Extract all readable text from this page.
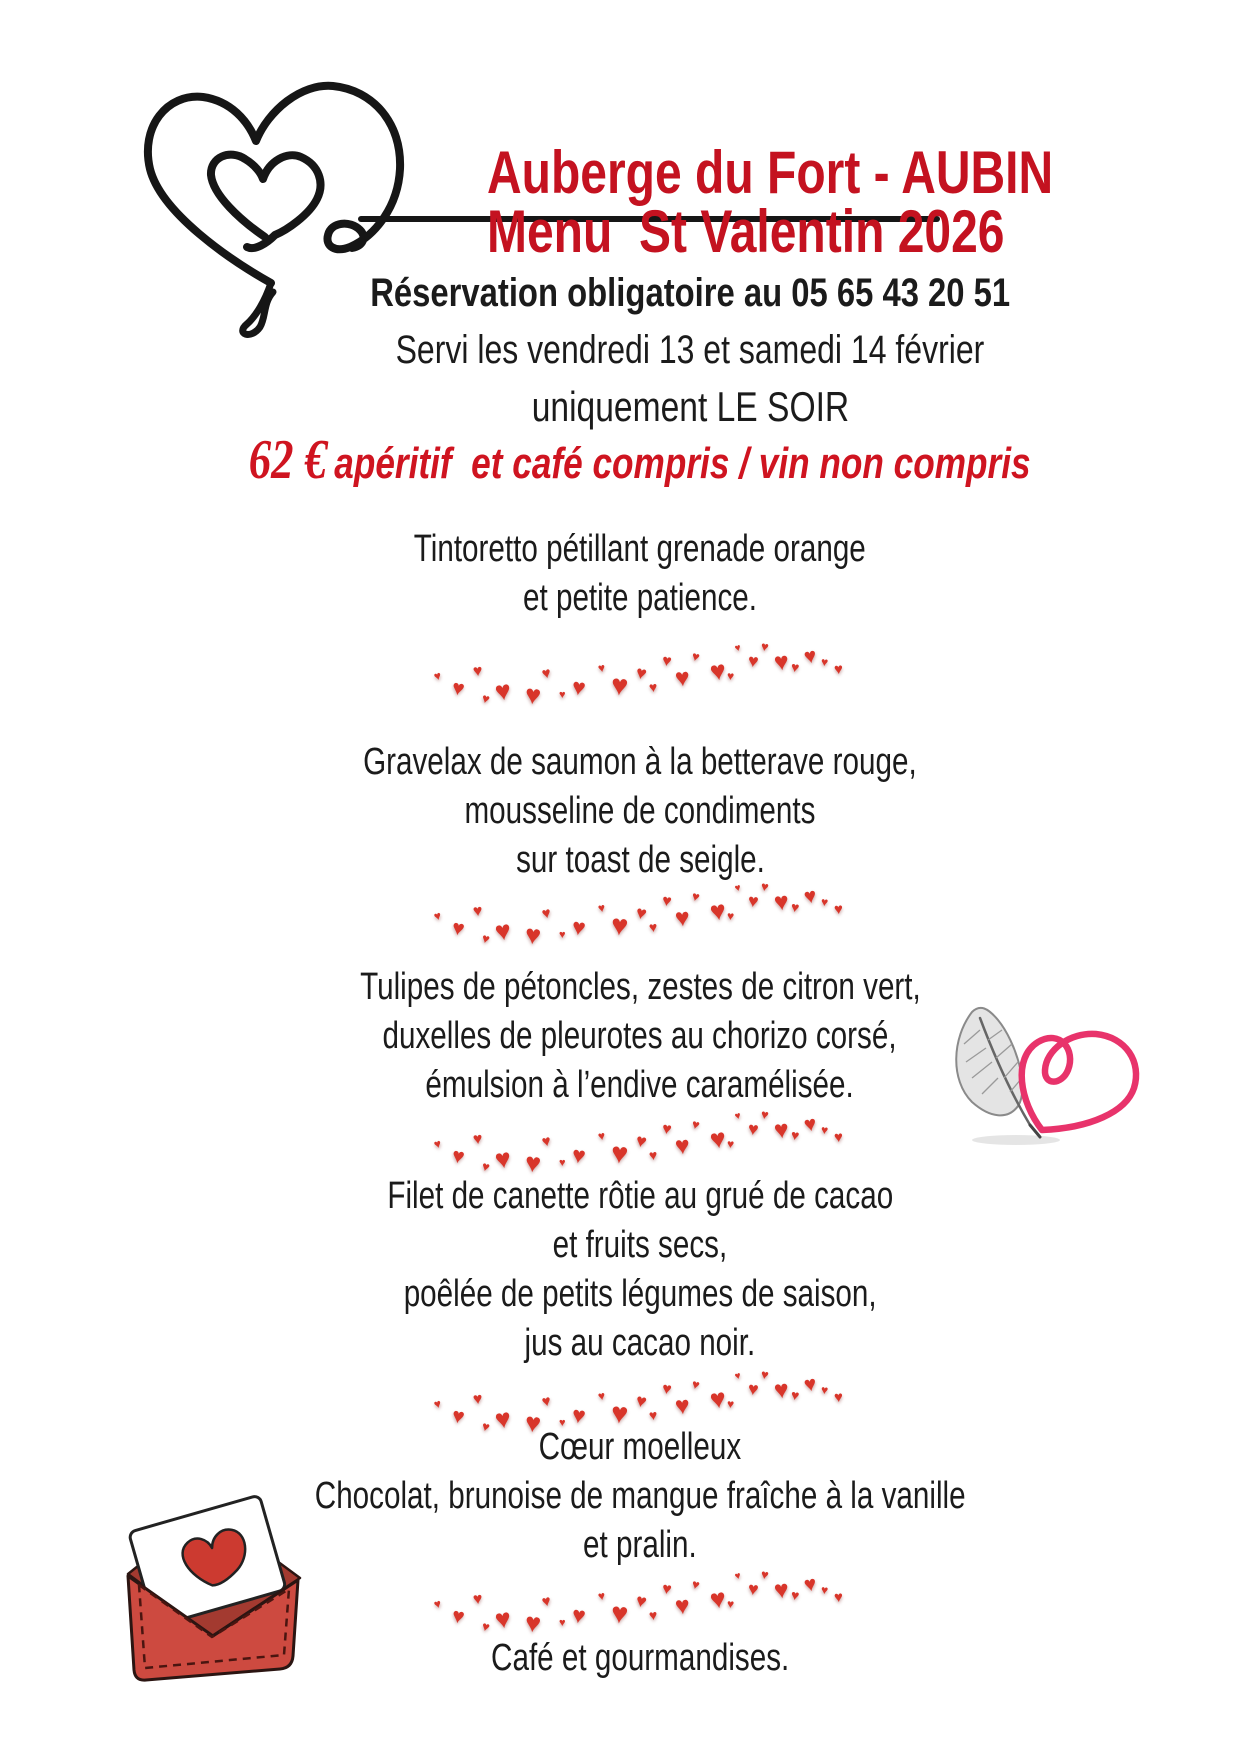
Auberge du Fort - AUBIN

Menu  St Valentin 2026

Réservation obligatoire au 05 65 43 20 51
Servi les vendredi 13 et samedi 14 février
uniquement LE SOIR
62 € apéritif  et café compris / vin non compris
Tintoretto pétillant grenade orange
et petite patience.
♥
♥
♥
♥ ♥ ♥
♥
♥ ♥
♥
♥ ♥
♥
♥
♥
♥ ♥
♥
♥
♥
♥
♥ ♥ ♥ ♥ ♥
Gravelax de saumon à la betterave rouge,
mousseline de condiments
sur toast de seigle.
♥
♥
♥
♥ ♥ ♥
♥
♥ ♥
♥
♥ ♥
♥
♥
♥
♥ ♥
♥
♥
♥
♥
♥ ♥ ♥ ♥ ♥
Tulipes de pétoncles, zestes de citron vert,
duxelles de pleurotes au chorizo corsé,
émulsion à l’endive caramélisée.
♥
♥
♥
♥ ♥ ♥
♥
♥ ♥
♥
♥ ♥
♥
♥
♥
♥ ♥
♥
♥
♥
♥
♥ ♥ ♥ ♥ ♥
Filet de canette rôtie au grué de cacao
et fruits secs,
poêlée de petits légumes de saison,
jus au cacao noir.
♥
♥
♥
♥ ♥ ♥
♥
♥ ♥
♥
♥ ♥
♥
♥
♥
♥ ♥
♥
♥
♥
♥
♥ ♥ ♥ ♥ ♥
Cœur moelleux
Chocolat, brunoise de mangue fraîche à la vanille
et pralin.
♥
♥
♥
♥ ♥ ♥
♥
♥ ♥
♥
♥ ♥
♥
♥
♥
♥ ♥
♥
♥
♥
♥
♥ ♥ ♥ ♥ ♥
Café et gourmandises.
